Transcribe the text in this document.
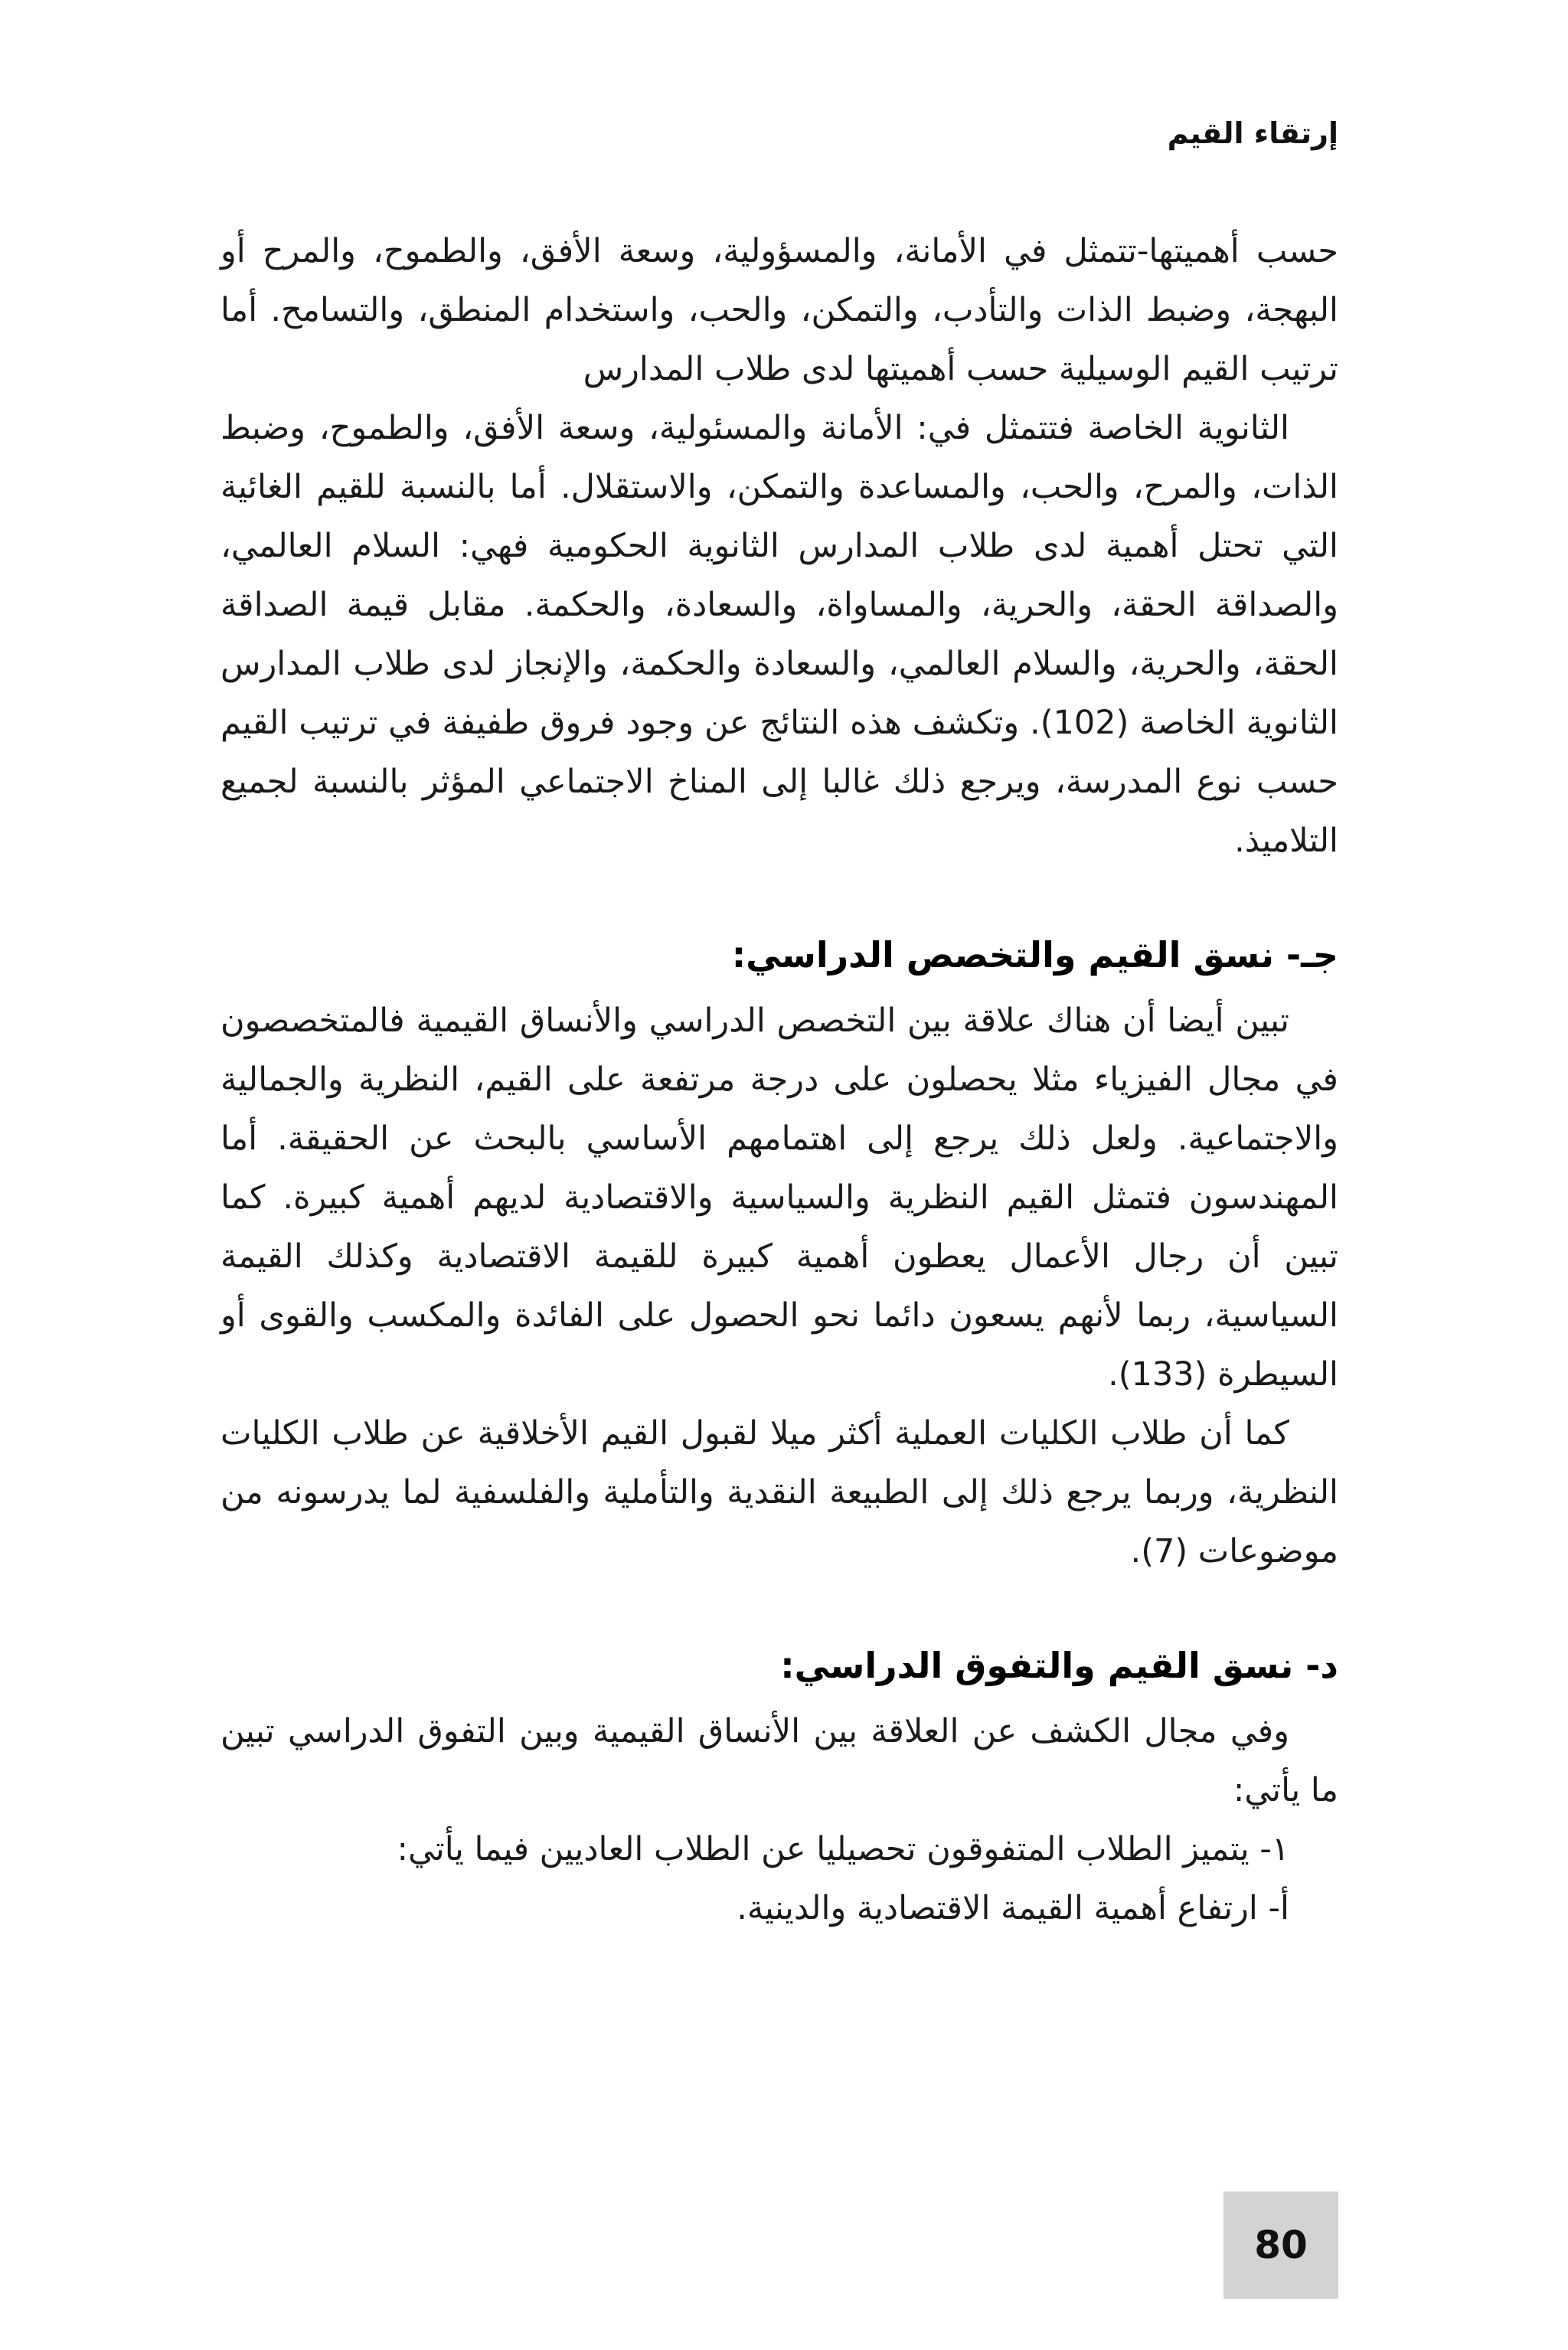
إرتقاء القيم

حسب أهميتها-تتمثل في الأمانة، والمسؤولية، وسعة الأفق، والطموح، والمرح أو البهجة، وضبط الذات والتأدب، والتمكن، والحب، واستخدام المنطق، والتسامح. أما ترتيب القيم الوسيلية حسب أهميتها لدى طلاب المدارس

الثانوية الخاصة فتتمثل في: الأمانة والمسئولية، وسعة الأفق، والطموح، وضبط الذات، والمرح، والحب، والمساعدة والتمكن، والاستقلال. أما بالنسبة للقيم الغائية التي تحتل أهمية لدى طلاب المدارس الثانوية الحكومية فهي: السلام العالمي، والصداقة الحقة، والحرية، والمساواة، والسعادة، والحكمة. مقابل قيمة الصداقة الحقة، والحرية، والسلام العالمي، والسعادة والحكمة، والإنجاز لدى طلاب المدارس الثانوية الخاصة (102). وتكشف هذه النتائج عن وجود فروق طفيفة في ترتيب القيم حسب نوع المدرسة، ويرجع ذلك غالبا إلى المناخ الاجتماعي المؤثر بالنسبة لجميع التلاميذ.

جـ- نسق القيم والتخصص الدراسي:

تبين أيضا أن هناك علاقة بين التخصص الدراسي والأنساق القيمية فالمتخصصون في مجال الفيزياء مثلا يحصلون على درجة مرتفعة على القيم، النظرية والجمالية والاجتماعية. ولعل ذلك يرجع إلى اهتمامهم الأساسي بالبحث عن الحقيقة. أما المهندسون فتمثل القيم النظرية والسياسية والاقتصادية لديهم أهمية كبيرة. كما تبين أن رجال الأعمال يعطون أهمية كبيرة للقيمة الاقتصادية وكذلك القيمة السياسية، ربما لأنهم يسعون دائما نحو الحصول على الفائدة والمكسب والقوى أو السيطرة (133).

كما أن طلاب الكليات العملية أكثر ميلا لقبول القيم الأخلاقية عن طلاب الكليات النظرية، وربما يرجع ذلك إلى الطبيعة النقدية والتأملية والفلسفية لما يدرسونه من موضوعات (7).

د- نسق القيم والتفوق الدراسي:

وفي مجال الكشف عن العلاقة بين الأنساق القيمية وبين التفوق الدراسي تبين ما يأتي:

١- يتميز الطلاب المتفوقون تحصيليا عن الطلاب العاديين فيما يأتي:

أ- ارتفاع أهمية القيمة الاقتصادية والدينية.

80
